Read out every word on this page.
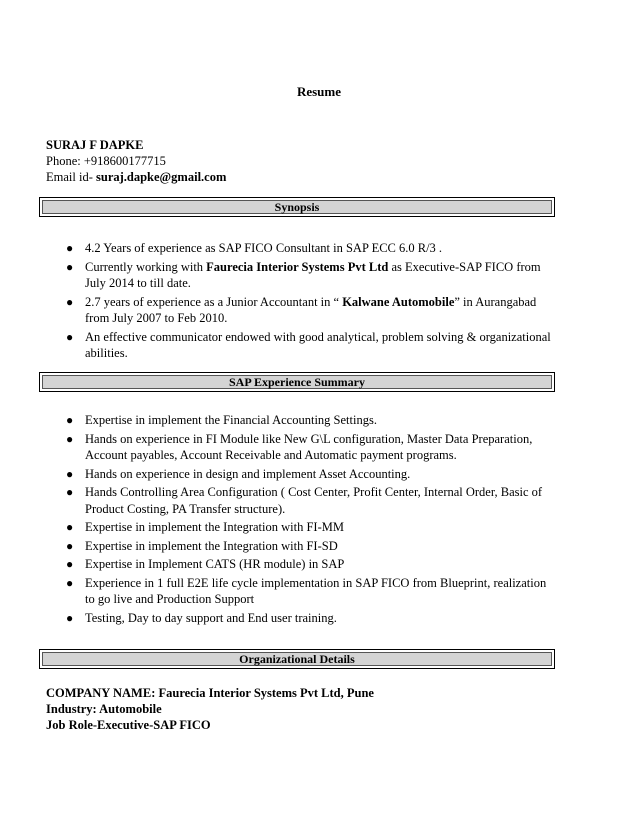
Resume
SURAJ F DAPKE
Phone: +918600177715
Email id- suraj.dapke@gmail.com
Synopsis
● 4.2 Years of experience as SAP FICO Consultant in SAP ECC 6.0 R/3 .
● Currently working with Faurecia Interior Systems Pvt Ltd as Executive-SAP FICO from July 2014 to till date.
● 2.7 years of experience as a Junior Accountant in “ Kalwane Automobile” in Aurangabad from July 2007 to Feb 2010.
● An effective communicator endowed with good analytical, problem solving & organizational abilities.
SAP Experience Summary
● Expertise in implement the Financial Accounting Settings.
● Hands on experience in FI Module like New G\L configuration, Master Data Preparation, Account payables, Account Receivable and Automatic payment programs.
● Hands on experience in design and implement Asset Accounting.
● Hands Controlling Area Configuration ( Cost Center, Profit Center, Internal Order, Basic of Product Costing, PA Transfer structure).
● Expertise in implement the Integration with FI-MM
● Expertise in implement the Integration with FI-SD
● Expertise in Implement CATS (HR module) in SAP
● Experience in 1 full E2E life cycle implementation in SAP FICO from Blueprint, realization to go live and Production Support
● Testing, Day to day support and End user training.
Organizational Details
COMPANY NAME: Faurecia Interior Systems Pvt Ltd, Pune
Industry: Automobile
Job Role-Executive-SAP FICO
